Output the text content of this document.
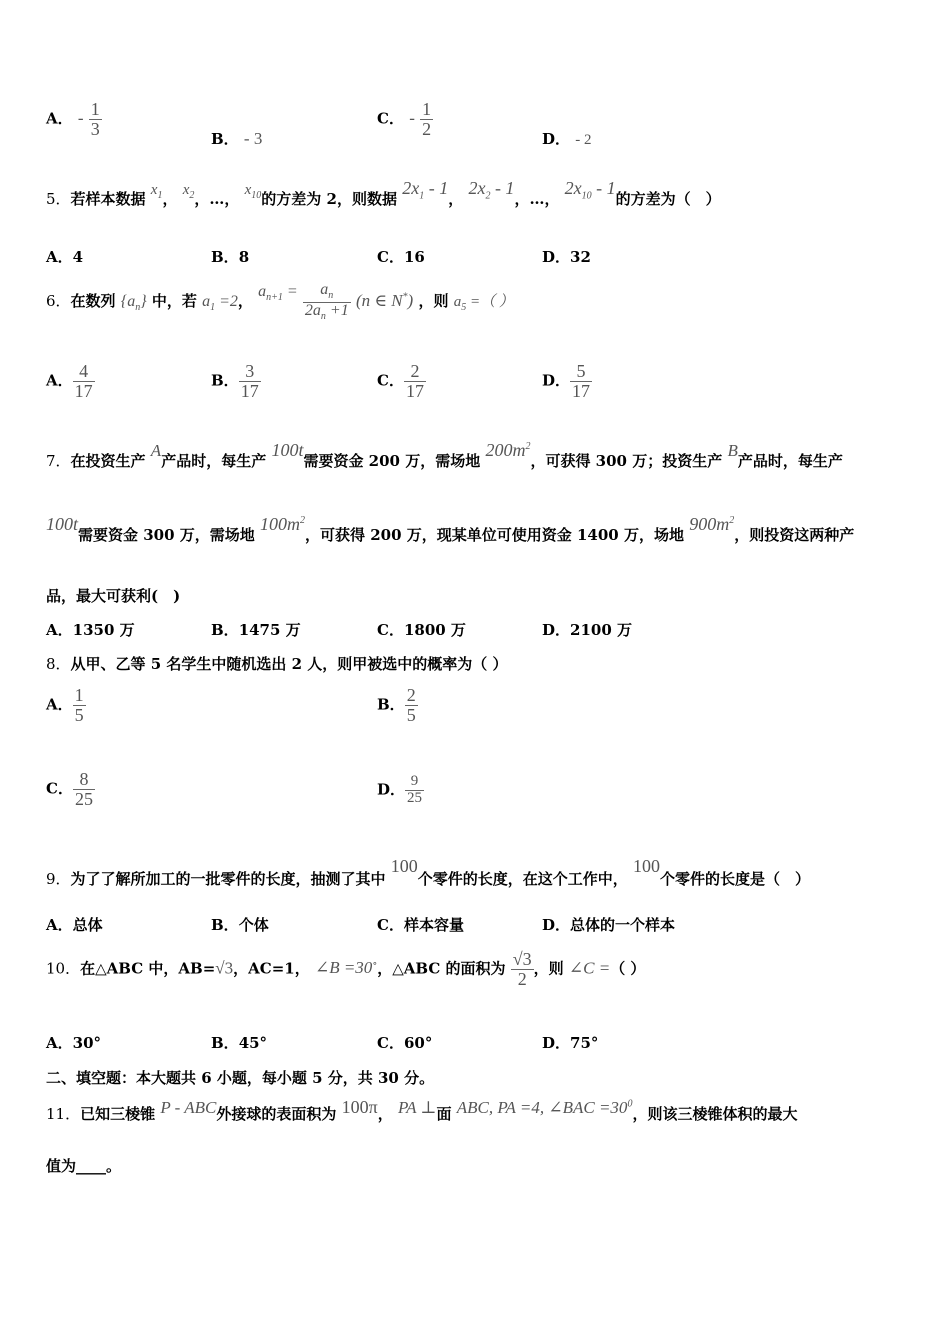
A． - $\frac{1}{3}$
B． - 3
C． - $\frac{1}{2}$
D． - 2
5．若样本数据 $x_1$， $x_2$，…， $x_{10}$的方差为 2，则数据 $2x_1 - 1$， $2x_2 - 1$，…， $2x_{10} - 1$的方差为（　）
A．4	B．8	C．16	D．32
6．在数列 $\{a_n\}$ 中，若 $a_1 =2$， $a_{n+1} = \frac{a_n}{2a_n +1} (n$ ∈ N*) ，则 $a_5$ =（ ）
A． $\frac{4}{17}$	B． $\frac{3}{17}$	C． $\frac{2}{17}$	D． $\frac{5}{17}$
7．在投资生产 A产品时，每生产 100t需要资金 200 万，需场地 $200m^2$，可获得 300 万；投资生产 B产品时，每生产
100t需要资金 300 万，需场地 $100m^2$，可获得 200 万，现某单位可使用资金 1400 万，场地 $900m^2$，则投资这两种产
品，最大可获利(　)
A．1350 万	B．1475 万	C．1800 万	D．2100 万
8．从甲、乙等 5 名学生中随机选出 2 人，则甲被选中的概率为（ ）
A． $\frac{1}{5}$	B． $\frac{2}{5}$
C． $\frac{8}{25}$	D． $\frac{9}{25}$
9．为了了解所加工的一批零件的长度，抽测了其中 100个零件的长度，在这个工作中， 100个零件的长度是（　）
A．总体	B．个体	C．样本容量	D．总体的一个样本
10．在△ABC 中，AB=√3，AC=1， ∠B =30∘，△ABC 的面积为 $\frac{√3}{2}$ ，则 ∠C =（ ）
A．30°	B．45°	C．60°	D．75°
二、填空题：本大题共 6 小题，每小题 5 分，共 30 分。
11．已知三棱锥 P - ABC外接球的表面积为 100π， PA ⊥面 ABC, PA =4, ∠BAC $=30^0$，则该三棱锥体积的最大
值为____。
